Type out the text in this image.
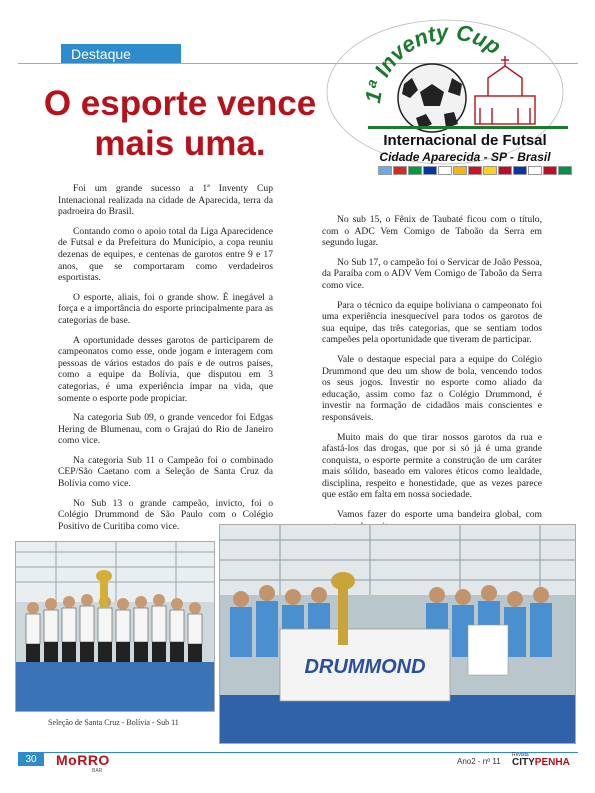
Destaque
O esporte vence
mais uma.
1ª Inventy Cup
Internacional de Futsal
Cidade Aparecida - SP - Brasil

Foi um grande sucesso a 1ª Inventy Cup Intenacional realizada na cidade de Aparecida, terra da padroeira do Brasil.

Contando como o apoio total da Liga Aparecidence de Futsal e da Prefeitura do Município, a copa reuniu dezenas de equipes, e centenas de garotos entre 9 e 17 anos, que se comportaram como verdadeiros esportistas.

O esporte, aliais, foi o grande show. É inegável a força e a importância do esporte principalmente para as categorias de base.

A oportunidade desses garotos de participarem de campeonatos como esse, onde jogam e interagem com pessoas de vários estados do país e de outros países, como a equipe da Bolívia, que disputou em 3 categorias, é uma experiência ímpar na vida, que somente o esporte pode propiciar.

Na categoria Sub 09, o grande vencedor foi Edgas Hering de Blumenau, com o Grajaú do Rio de Janeiro como vice.

Na categoria Sub 11 o Campeão foi o combinado CEP/São Caetano com a Seleção de Santa Cruz da Bolívia como vice.

No Sub 13 o grande campeão, invicto, foi o Colégio Drummond de São Paulo com o Colégio Positivo de Curitiba como vice.

No sub 15, o Fênix de Taubaté ficou com o título, com o ADC Vem Comigo de Taboão da Serra em segundo lugar.

No Sub 17, o campeão foi o Servicar de João Pessoa, da Paraíba com o ADV Vem Comigo de Taboão da Serra como vice.

Para o técnico da equipe boliviana o campeonato foi uma experiência inesquecível para todos os garotos de sua equipe, das três categorias, que se sentiam todos campeões pela oportunidade que tiveram de participar.

Vale o destaque especial para a equipe do Colégio Drummond que deu um show de bola, vencendo todos os seus jogos. Investir no esporte como aliado da educação, assim como faz o Colégio Drummond, é investir na formação de cidadãos mais conscientes e responsáveis.

Muito mais do que tirar nossos garotos da rua e afastá-los das drogas, que por si só já é uma grande conquista, o esporte permite a construção de um caráter mais sólido, baseado em valores éticos como lealdade, disciplina, respeito e honestidade, que as vezes parece que estão em falta em nossa sociedade.

Vamos fazer do esporte uma bandeira global, com

Seleção de Santa Cruz - Bolívia - Sub 11
DRUMMOND
30	MoRRO
BAR
Ano2 - nº 11
Revista
CITYPENHA
